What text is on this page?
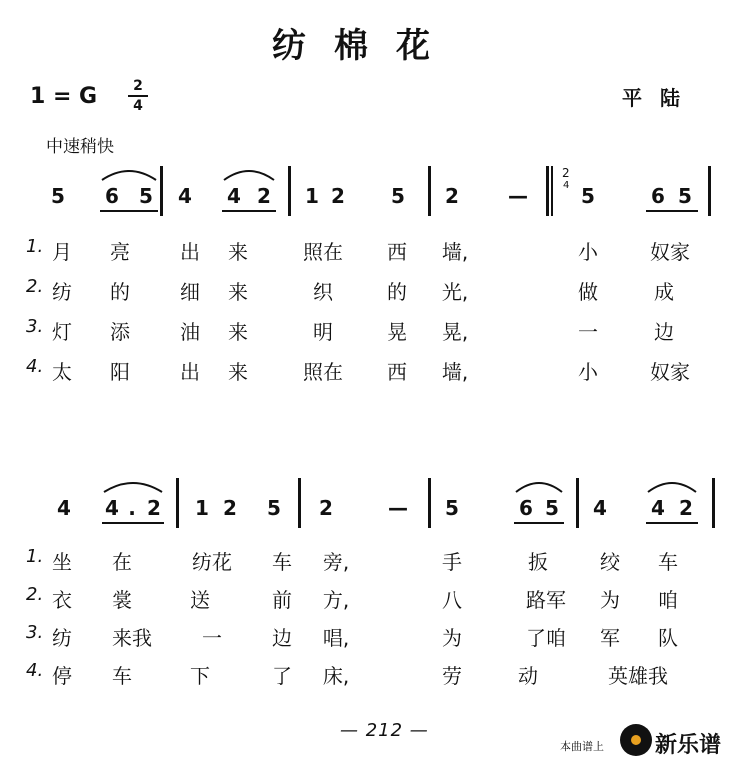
纺棉花
1 = G	2
4	平陆
中速稍快
5 6 5 4 4 2 1 2 5 2 —	5	6 5
2
4
4 4 . 2 1 2 5 2	— 5	6 5 4 4 2
1. 月 亮	出 来	照在 西 墙,	小	奴家
2. 纺 的	细 来	织	的 光,	做	成
3. 灯 添	油 来	明	晃 晃,	一	边
4. 太 阳	出 来	照在 西 墙,	小	奴家
1. 坐 在	纺花 车 旁,	手	扳	绞 车
2. 衣 裳	送	前 方,	八	路军 为 咱
3. 纺 来我	一	边 唱,	为	了咱 军 队
4. 停 车	下	了 床,	劳	动	英雄我
— 212 —
本曲谱上 新乐谱
